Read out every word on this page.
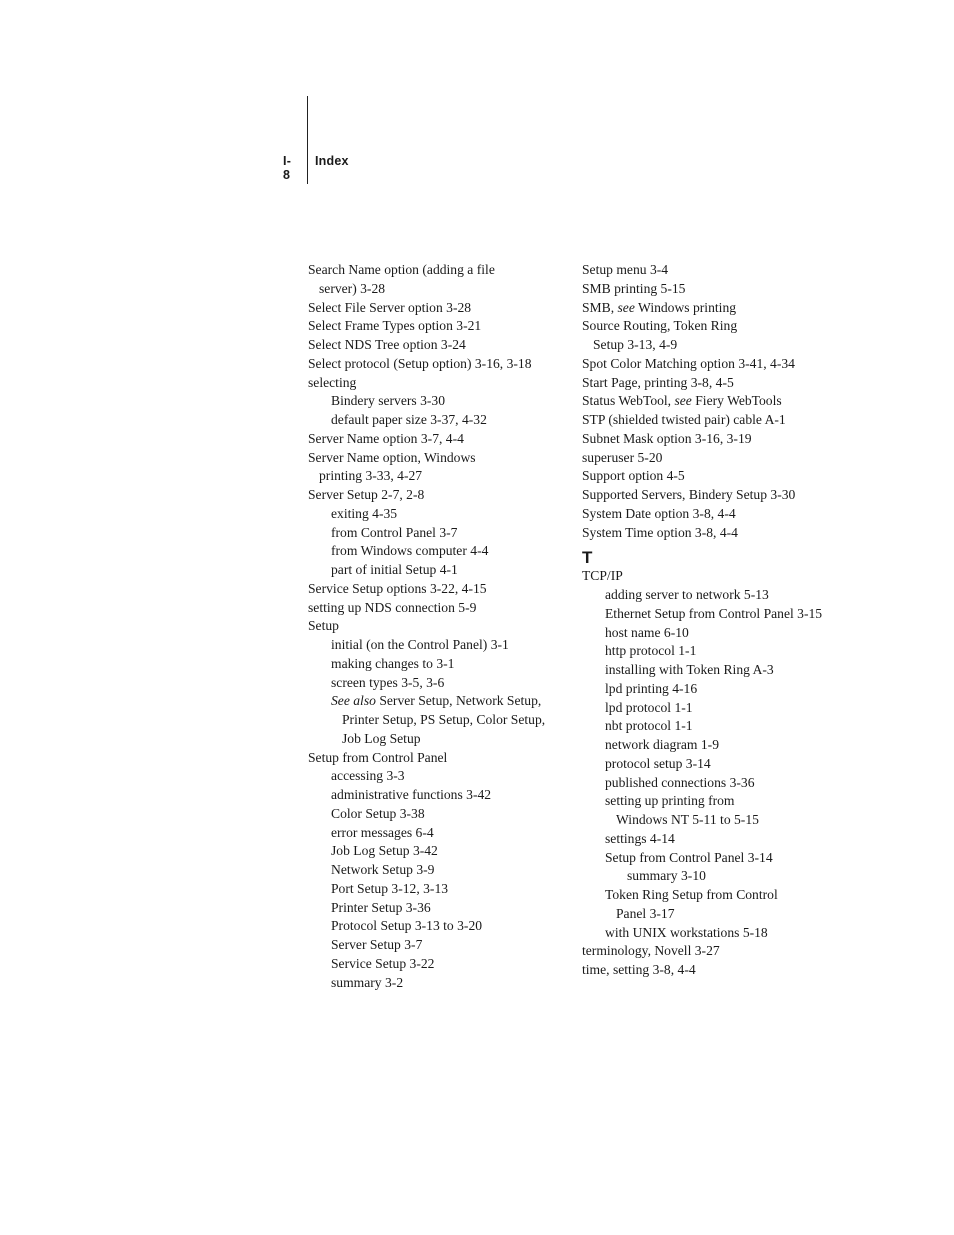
I-8
Index
Search Name option (adding a file
server) 3-28
Select File Server option 3-28
Select Frame Types option 3-21
Select NDS Tree option 3-24
Select protocol (Setup option) 3-16, 3-18
selecting
Bindery servers 3-30
default paper size 3-37, 4-32
Server Name option 3-7, 4-4
Server Name option, Windows
printing 3-33, 4-27
Server Setup 2-7, 2-8
exiting 4-35
from Control Panel 3-7
from Windows computer 4-4
part of initial Setup 4-1
Service Setup options 3-22, 4-15
setting up NDS connection 5-9
Setup
initial (on the Control Panel) 3-1
making changes to 3-1
screen types 3-5, 3-6
See also Server Setup, Network Setup,
Printer Setup, PS Setup, Color Setup,
Job Log Setup
Setup from Control Panel
accessing 3-3
administrative functions 3-42
Color Setup 3-38
error messages 6-4
Job Log Setup 3-42
Network Setup 3-9
Port Setup 3-12, 3-13
Printer Setup 3-36
Protocol Setup 3-13 to 3-20
Server Setup 3-7
Service Setup 3-22
summary 3-2
Setup menu 3-4
SMB printing 5-15
SMB, see Windows printing
Source Routing, Token Ring
Setup 3-13, 4-9
Spot Color Matching option 3-41, 4-34
Start Page, printing 3-8, 4-5
Status WebTool, see Fiery WebTools
STP (shielded twisted pair) cable A-1
Subnet Mask option 3-16, 3-19
superuser 5-20
Support option 4-5
Supported Servers, Bindery Setup 3-30
System Date option 3-8, 4-4
System Time option 3-8, 4-4
T
TCP/IP
adding server to network 5-13
Ethernet Setup from Control Panel 3-15
host name 6-10
http protocol 1-1
installing with Token Ring A-3
lpd printing 4-16
lpd protocol 1-1
nbt protocol 1-1
network diagram 1-9
protocol setup 3-14
published connections 3-36
setting up printing from
Windows NT 5-11 to 5-15
settings 4-14
Setup from Control Panel 3-14
summary 3-10
Token Ring Setup from Control
Panel 3-17
with UNIX workstations 5-18
terminology, Novell 3-27
time, setting 3-8, 4-4
